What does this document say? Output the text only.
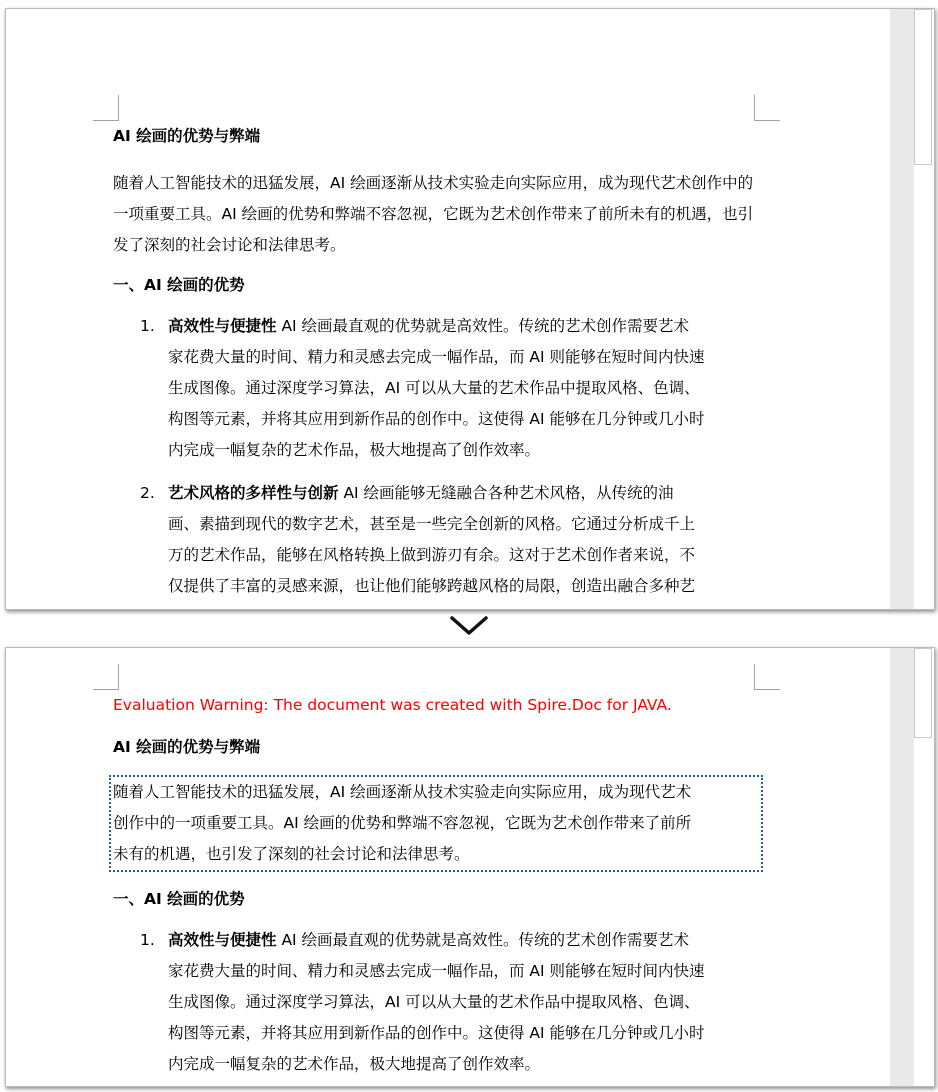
AI 绘画的优势与弊端

随着人工智能技术的迅猛发展，AI 绘画逐渐从技术实验走向实际应用，成为现代艺术创作中的一项重要工具。AI 绘画的优势和弊端不容忽视，它既为艺术创作带来了前所未有的机遇，也引发了深刻的社会讨论和法律思考。

一、AI 绘画的优势

1. 高效性与便捷性 AI 绘画最直观的优势就是高效性。传统的艺术创作需要艺术
家花费大量的时间、精力和灵感去完成一幅作品，而 AI 则能够在短时间内快速
生成图像。通过深度学习算法，AI 可以从大量的艺术作品中提取风格、色调、
构图等元素，并将其应用到新作品的创作中。这使得 AI 能够在几分钟或几小时
内完成一幅复杂的艺术作品，极大地提高了创作效率。
2. 艺术风格的多样性与创新 AI 绘画能够无缝融合各种艺术风格，从传统的油
画、素描到现代的数字艺术，甚至是一些完全创新的风格。它通过分析成千上
万的艺术作品，能够在风格转换上做到游刃有余。这对于艺术创作者来说，不
仅提供了丰富的灵感来源，也让他们能够跨越风格的局限，创造出融合多种艺

Evaluation Warning: The document was created with Spire.Doc for JAVA.

AI 绘画的优势与弊端

随着人工智能技术的迅猛发展，AI 绘画逐渐从技术实验走向实际应用，成为现代艺术
创作中的一项重要工具。AI 绘画的优势和弊端不容忽视，它既为艺术创作带来了前所
未有的机遇，也引发了深刻的社会讨论和法律思考。

一、AI 绘画的优势

1. 高效性与便捷性 AI 绘画最直观的优势就是高效性。传统的艺术创作需要艺术
家花费大量的时间、精力和灵感去完成一幅作品，而 AI 则能够在短时间内快速
生成图像。通过深度学习算法，AI 可以从大量的艺术作品中提取风格、色调、
构图等元素，并将其应用到新作品的创作中。这使得 AI 能够在几分钟或几小时
内完成一幅复杂的艺术作品，极大地提高了创作效率。
